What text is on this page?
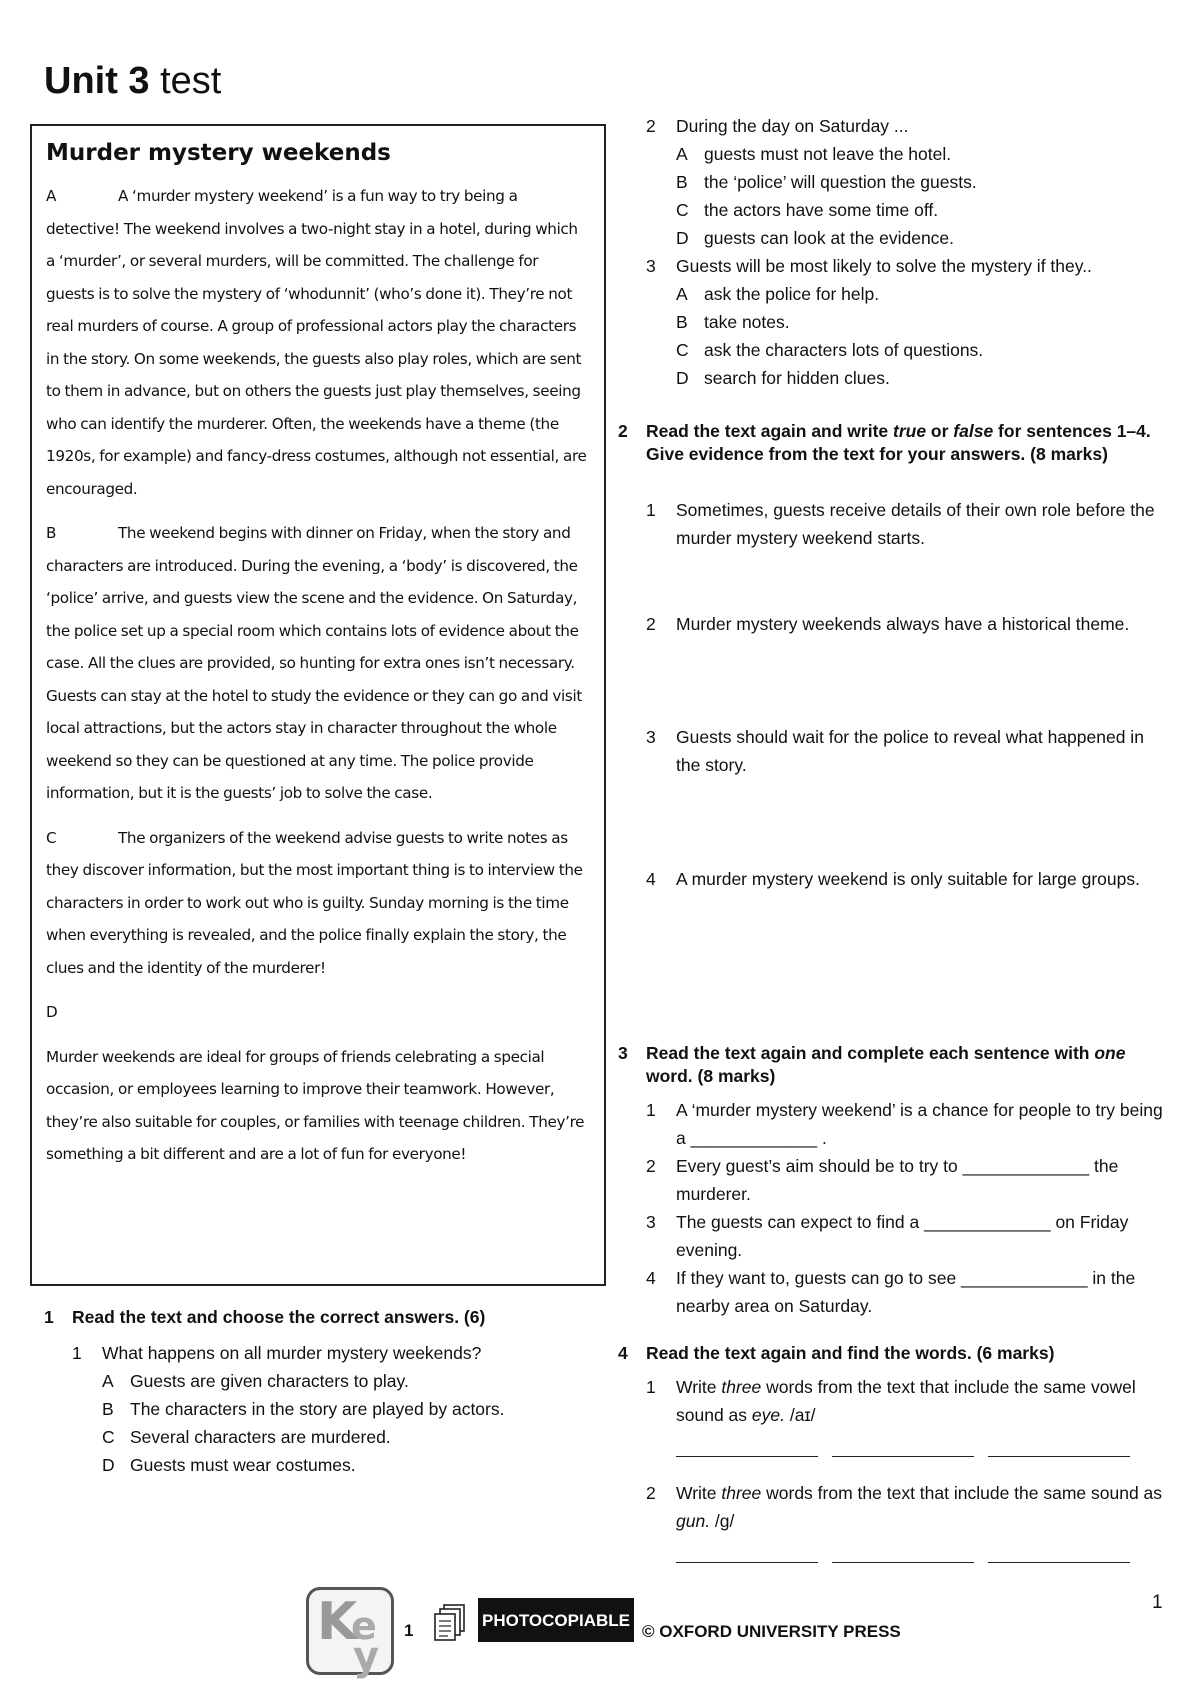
Unit 3 test
Murder mystery weekends

A	A ‘murder mystery weekend’ is a fun way to try being a detective! The weekend involves a two-night stay in a hotel, during which a ‘murder’, or several murders, will be committed. The challenge for guests is to solve the mystery of ‘whodunnit’ (who’s done it). They’re not real murders of course. A group of professional actors play the characters in the story. On some weekends, the guests also play roles, which are sent to them in advance, but on others the guests just play themselves, seeing who can identify the murderer. Often, the weekends have a theme (the 1920s, for example) and fancy-dress costumes, although not essential, are encouraged.

B	The weekend begins with dinner on Friday, when the story and characters are introduced. During the evening, a ‘body’ is discovered, the ‘police’ arrive, and guests view the scene and the evidence. On Saturday, the police set up a special room which contains lots of evidence about the case. All the clues are provided, so hunting for extra ones isn’t necessary. Guests can stay at the hotel to study the evidence or they can go and visit local attractions, but the actors stay in character throughout the whole weekend so they can be questioned at any time. The police provide information, but it is the guests’ job to solve the case.

C	The organizers of the weekend advise guests to write notes as they discover information, but the most important thing is to interview the characters in order to work out who is guilty. Sunday morning is the time when everything is revealed, and the police finally explain the story, the clues and the identity of the murderer!

D

Murder weekends are ideal for groups of friends celebrating a special occasion, or employees learning to improve their teamwork. However, they’re also suitable for couples, or families with teenage children. They’re something a bit different and are a lot of fun for everyone!

1 Read the text and choose the correct answers. (6)
1 What happens on all murder mystery weekends?
A Guests are given characters to play.
B The characters in the story are played by actors.
C Several characters are murdered.
D Guests must wear costumes.
2 During the day on Saturday ...
A guests must not leave the hotel.
B the ‘police’ will question the guests.
C the actors have some time off.
D guests can look at the evidence.
3 Guests will be most likely to solve the mystery if they..
A ask the police for help.
B take notes.
C ask the characters lots of questions.
D search for hidden clues.
2 Read the text again and write true or false for sentences 1–4. Give evidence from the text for your answers. (8 marks)
1 Sometimes, guests receive details of their own role before the murder mystery weekend starts.
2 Murder mystery weekends always have a historical theme.
3 Guests should wait for the police to reveal what happened in the story.
4 A murder mystery weekend is only suitable for large groups.
3 Read the text again and complete each sentence with one word. (8 marks)
1 A ‘murder mystery weekend’ is a chance for people to try being a _____________ .
2 Every guest’s aim should be to try to _____________ the murderer.
3 The guests can expect to find a _____________ on Friday evening.
4 If they want to, guests can go to see _____________ in the nearby area on Saturday.
4 Read the text again and find the words. (6 marks)
1 Write three words from the text that include the same vowel sound as eye. /aɪ/
2 Write three words from the text that include the same sound as gun. /g/
K
e
y
1
PHOTOCOPIABLE
© OXFORD UNIVERSITY PRESS
1
